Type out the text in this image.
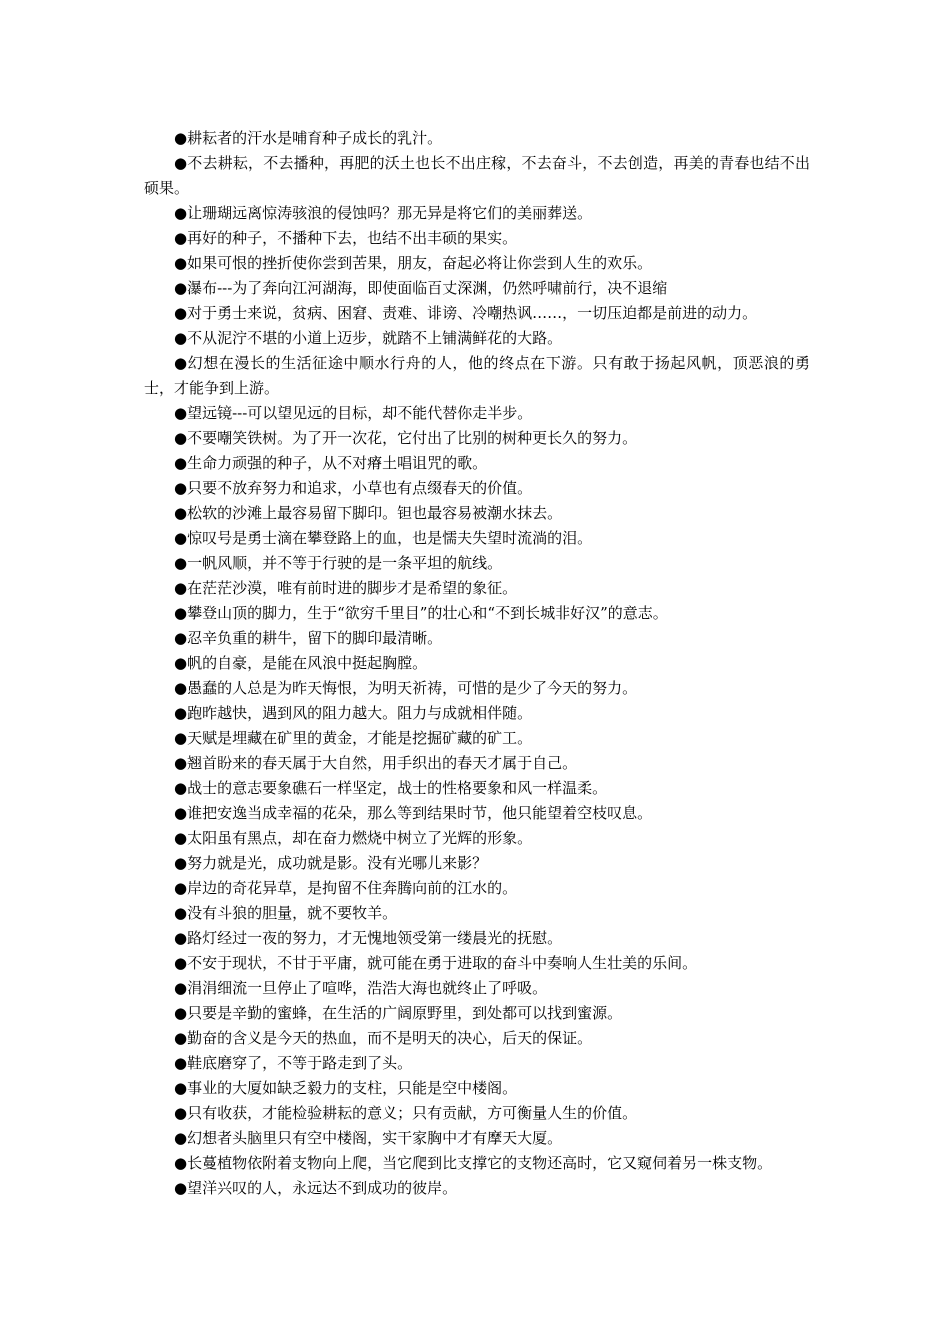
●耕耘者的汗水是哺育种子成长的乳汁。

●不去耕耘，不去播种，再肥的沃土也长不出庄稼，不去奋斗，不去创造，再美的青春也结不出硕果。

●让珊瑚远离惊涛骇浪的侵蚀吗？那无异是将它们的美丽葬送。

●再好的种子，不播种下去，也结不出丰硕的果实。

●如果可恨的挫折使你尝到苦果，朋友，奋起必将让你尝到人生的欢乐。

●瀑布---为了奔向江河湖海，即使面临百丈深渊，仍然呼啸前行，决不退缩

●对于勇士来说，贫病、困窘、责难、诽谤、冷嘲热讽……，一切压迫都是前进的动力。

●不从泥泞不堪的小道上迈步，就踏不上铺满鲜花的大路。

●幻想在漫长的生活征途中顺水行舟的人，他的终点在下游。只有敢于扬起风帆，顶恶浪的勇士，才能争到上游。

●望远镜---可以望见远的目标，却不能代替你走半步。

●不要嘲笑铁树。为了开一次花，它付出了比别的树种更长久的努力。

●生命力顽强的种子，从不对瘠土唱诅咒的歌。

●只要不放弃努力和追求，小草也有点缀春天的价值。

●松软的沙滩上最容易留下脚印。钽也最容易被潮水抹去。

●惊叹号是勇士滴在攀登路上的血，也是懦夫失望时流淌的泪。

●一帆风顺，并不等于行驶的是一条平坦的航线。

●在茫茫沙漠，唯有前时进的脚步才是希望的象征。

●攀登山顶的脚力，生于“欲穷千里目”的壮心和“不到长城非好汉”的意志。

●忍辛负重的耕牛，留下的脚印最清晰。

●帆的自豪，是能在风浪中挺起胸膛。

●愚蠢的人总是为昨天悔恨，为明天祈祷，可惜的是少了今天的努力。

●跑昨越快，遇到风的阻力越大。阻力与成就相伴随。

●天赋是埋藏在矿里的黄金，才能是挖掘矿藏的矿工。

●翘首盼来的春天属于大自然，用手织出的春天才属于自己。

●战士的意志要象礁石一样坚定，战士的性格要象和风一样温柔。

●谁把安逸当成幸福的花朵，那么等到结果时节，他只能望着空枝叹息。

●太阳虽有黑点，却在奋力燃烧中树立了光辉的形象。

●努力就是光，成功就是影。没有光哪儿来影？

●岸边的奇花异草，是拘留不住奔腾向前的江水的。

●没有斗狼的胆量，就不要牧羊。

●路灯经过一夜的努力，才无愧地领受第一缕晨光的抚慰。

●不安于现状，不甘于平庸，就可能在勇于进取的奋斗中奏响人生壮美的乐间。

●涓涓细流一旦停止了喧哗，浩浩大海也就终止了呼吸。

●只要是辛勤的蜜蜂，在生活的广阔原野里，到处都可以找到蜜源。

●勤奋的含义是今天的热血，而不是明天的决心，后天的保证。

●鞋底磨穿了，不等于路走到了头。

●事业的大厦如缺乏毅力的支柱，只能是空中楼阁。

●只有收获，才能检验耕耘的意义；只有贡献，方可衡量人生的价值。

●幻想者头脑里只有空中楼阁，实干家胸中才有摩天大厦。

●长蔓植物依附着支物向上爬，当它爬到比支撑它的支物还高时，它又窥伺着另一株支物。

●望洋兴叹的人，永远达不到成功的彼岸。
